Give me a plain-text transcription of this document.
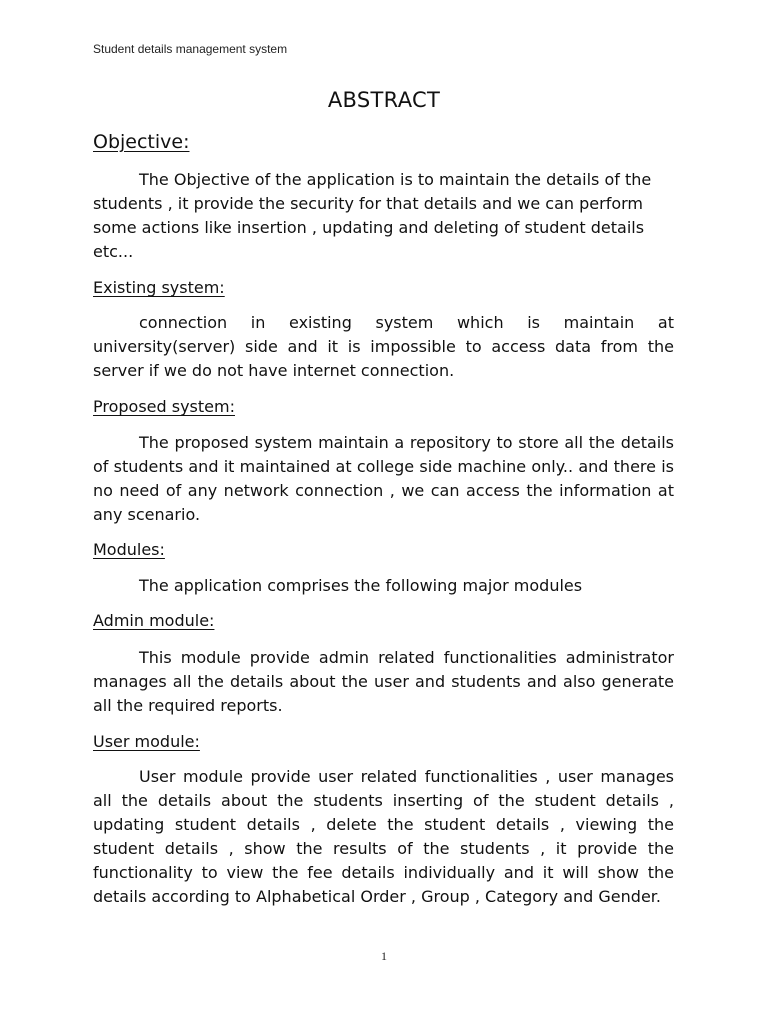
Student details management system
ABSTRACT
Objective:

The Objective of the application is to maintain the details of the students , it provide the security for that details and we can perform some actions like insertion , updating and deleting of student details etc...

Existing system:

connection in existing system which is maintain at university(server) side and it is impossible to access data from the server if we do not have internet connection.

Proposed system:

The proposed system maintain a repository to store all the details of students and it maintained at college side machine only.. and there is no need of any network connection , we can access the information at any scenario.

Modules:

The application comprises the following major modules

Admin module:

This module provide admin related functionalities administrator manages all the details about the user and students and also generate all the required reports.

User module:

User module provide user related functionalities , user manages all the details about the students inserting of the student details , updating student details , delete the student details , viewing the student details , show the results of the students , it provide the functionality to view the fee details individually and it will show the details according to Alphabetical Order , Group , Category and Gender.

1
